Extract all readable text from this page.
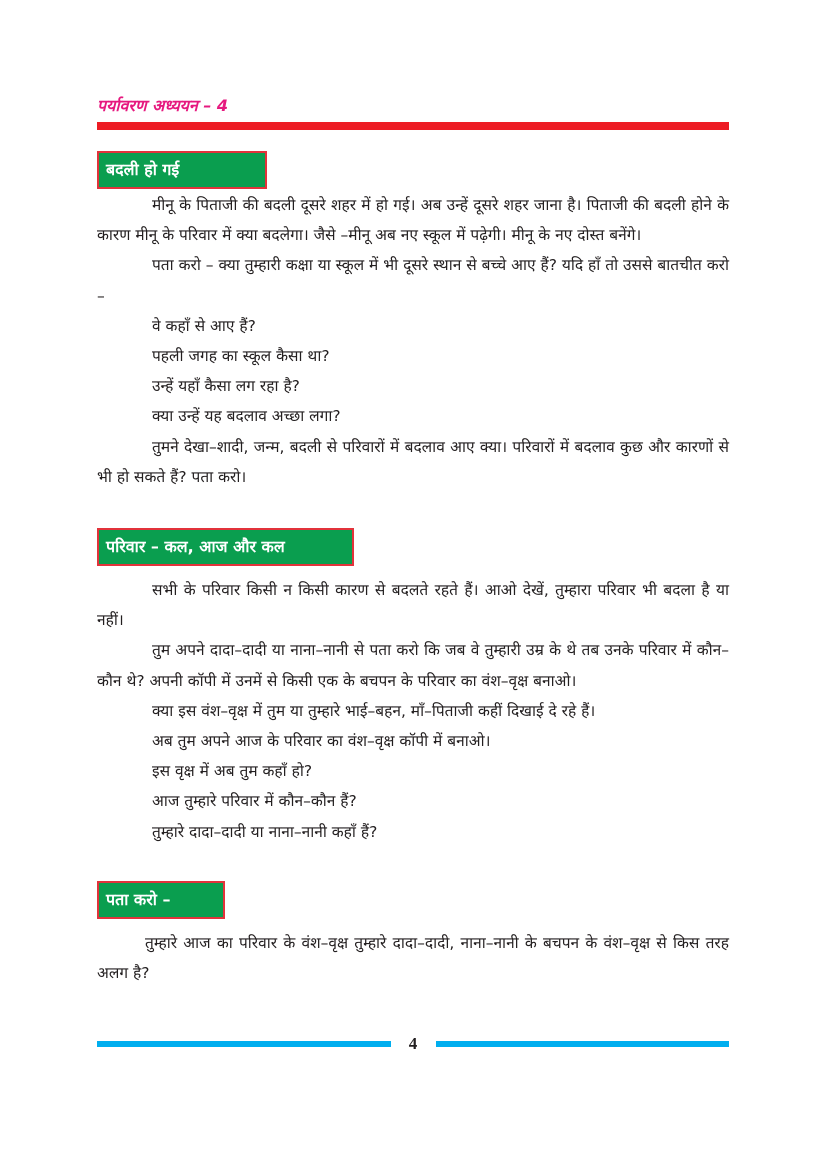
पर्यावरण अध्ययन – 4
बदली हो गई

मीनू के पिताजी की बदली दूसरे शहर में हो गई। अब उन्हें दूसरे शहर जाना है। पिताजी की बदली होने के कारण मीनू के परिवार में क्या बदलेगा। जैसे –मीनू अब नए स्कूल में पढ़ेगी। मीनू के नए दोस्त बनेंगे।

पता करो – क्या तुम्हारी कक्षा या स्कूल में भी दूसरे स्थान से बच्चे आए हैं? यदि हाँ तो उससे बातचीत करो –

वे कहाँ से आए हैं?

पहली जगह का स्कूल कैसा था?

उन्हें यहाँ कैसा लग रहा है?

क्या उन्हें यह बदलाव अच्छा लगा?

तुमने देखा–शादी, जन्म, बदली से परिवारों में बदलाव आए क्या। परिवारों में बदलाव कुछ और कारणों से भी हो सकते हैं? पता करो।

परिवार – कल, आज और कल

सभी के परिवार किसी न किसी कारण से बदलते रहते हैं। आओ देखें, तुम्हारा परिवार भी बदला है या नहीं।

तुम अपने दादा–दादी या नाना–नानी से पता करो कि जब वे तुम्हारी उम्र के थे तब उनके परिवार में कौन–कौन थे? अपनी कॉपी में उनमें से किसी एक के बचपन के परिवार का वंश–वृक्ष बनाओ।

क्या इस वंश–वृक्ष में तुम या तुम्हारे भाई–बहन, माँ–पिताजी कहीं दिखाई दे रहे हैं।

अब तुम अपने आज के परिवार का वंश–वृक्ष कॉपी में बनाओ।

इस वृक्ष में अब तुम कहाँ हो?

आज तुम्हारे परिवार में कौन–कौन हैं?

तुम्हारे दादा–दादी या नाना–नानी कहाँ हैं?

पता करो –

तुम्हारे आज का परिवार के वंश–वृक्ष तुम्हारे दादा–दादी, नाना–नानी के बचपन के वंश–वृक्ष से किस तरह अलग है?

4
